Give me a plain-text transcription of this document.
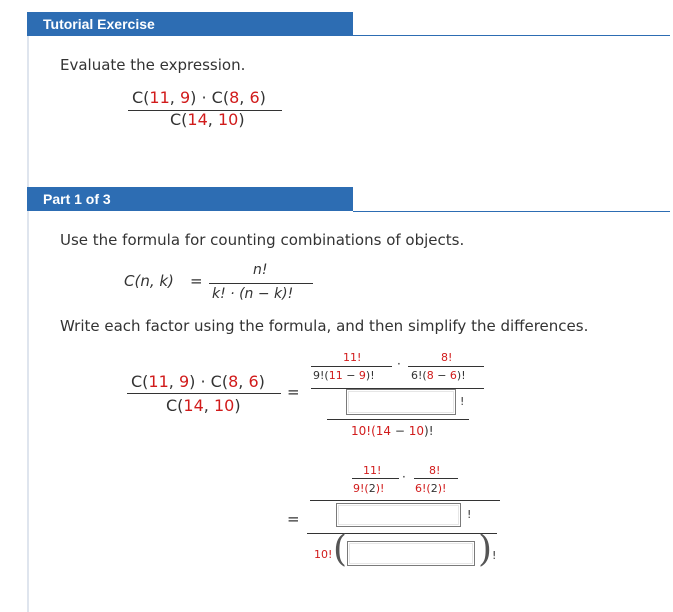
Tutorial Exercise
Evaluate the expression.
C(11, 9) · C(8, 6)
C(14, 10)
Part 1 of 3
Use the formula for counting combinations of objects.
C(n, k) =
n!
k! · (n − k)!
Write each factor using the formula, and then simplify the differences.
C(11, 9) · C(8, 6)
C(14, 10)
=
11!
9!(11 − 9)!
·	8!
6!(8 − 6)!
!
10!(14 − 10)!
11!
9!(2)!
· 8!
6!(2)!
!
=
10! (	) !
